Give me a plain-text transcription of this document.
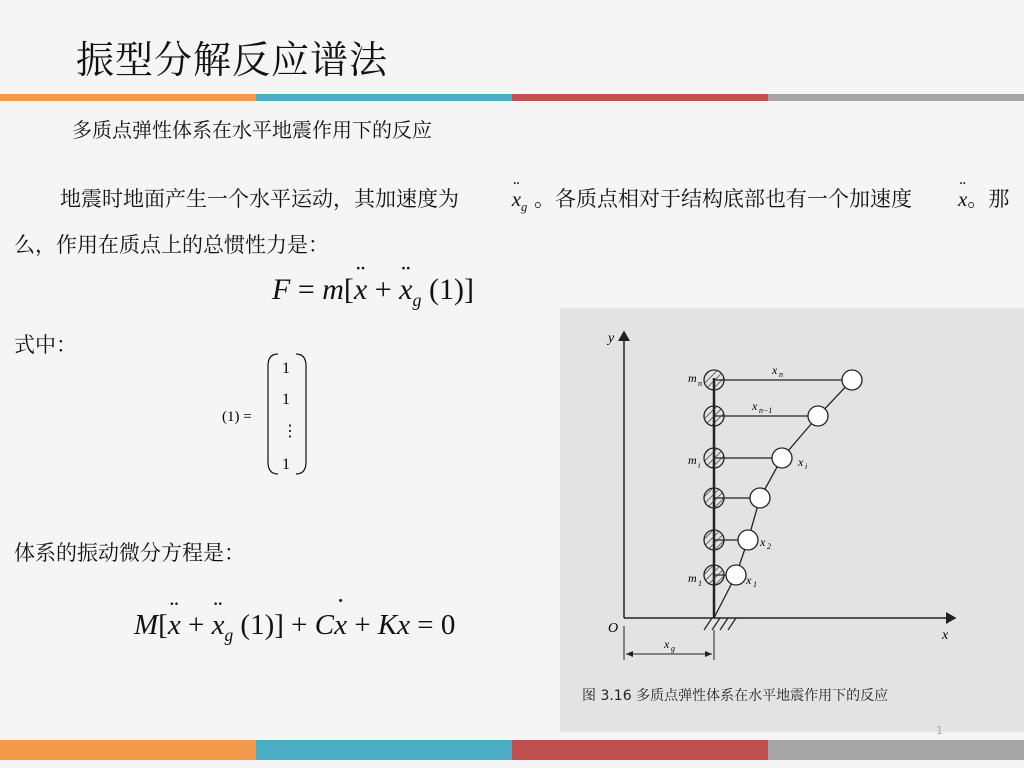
振型分解反应谱法
多质点弹性体系在水平地震作用下的反应
地震时地面产生一个水平运动，其加速度为	¨ $x_g$ 。各质点相对于结构底部也有一个加速度 ¨ x。那么，作用在质点上的总惯性力是：
F = m[¨ x + ¨ $x_g$ (1)]
式中：
(1) =
1
1
⋮
1
体系的振动微分方程是：
M[¨ x + ¨ $x_g$ (1)] + C˙ x + Kx = 0
y
x
O
m n
m i
m 1
x n
x n−1
x i
x 2
x 1
x g
图 3.16 多质点弹性体系在水平地震作用下的反应
1
